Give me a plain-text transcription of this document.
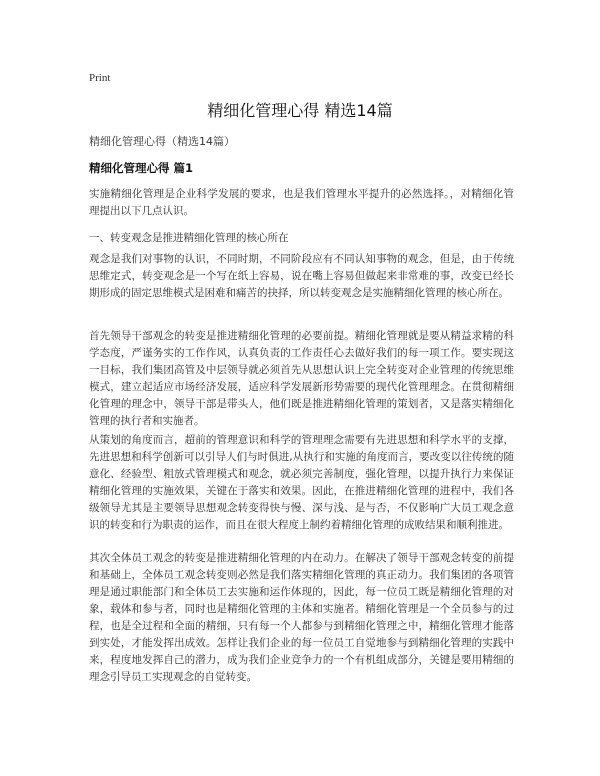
Print
精细化管理心得 精选14篇
精细化管理心得（精选14篇）
精细化管理心得 篇1

实施精细化管理是企业科学发展的要求，也是我们管理水平提升的必然选择。，对精细化管理提出以下几点认识。

一、转变观念是推进精细化管理的核心所在

观念是我们对事物的认识，不同时期，不同阶段应有不同认知事物的观念，但是，由于传统思维定式，转变观念是一个写在纸上容易，说在嘴上容易但做起来非常难的事，改变已经长期形成的固定思维模式是困难和痛苦的抉择，所以转变观念是实施精细化管理的核心所在。

首先领导干部观念的转变是推进精细化管理的必要前提。精细化管理就是要从精益求精的科学态度，严谨务实的工作作风，认真负责的工作责任心去做好我们的每一项工作。要实现这一目标，我们集团高管及中层领导就必须首先从思想认识上完全转变对企业管理的传统思维模式，建立起适应市场经济发展，适应科学发展新形势需要的现代化管理理念。在贯彻精细化管理的理念中，领导干部是带头人，他们既是推进精细化管理的策划者，又是落实精细化管理的执行者和实施者。

从策划的角度而言，超前的管理意识和科学的管理理念需要有先进思想和科学水平的支撑，先进思想和科学创新可以引导人们与时俱进,从执行和实施的角度而言，要改变以往传统的随意化、经验型、粗放式管理模式和观念，就必须完善制度，强化管理，以提升执行力来保证精细化管理的实施效果，关键在于落实和效果。因此，在推进精细化管理的进程中，我们各级领导尤其是主要领导思想观念转变得快与慢、深与浅、是与否，不仅影响广大员工观念意识的转变和行为职责的运作，而且在很大程度上制约着精细化管理的成败结果和顺利推进。

其次全体员工观念的转变是推进精细化管理的内在动力。在解决了领导干部观念转变的前提和基础上，全体员工观念转变则必然是我们落实精细化管理的真正动力。我们集团的各项管理是通过职能部门和全体员工去实施和运作体现的，因此，每一位员工既是精细化管理的对象，载体和参与者，同时也是精细化管理的主体和实施者。精细化管理是一个全员参与的过程，也是全过程和全面的精细，只有每一个人都参与到精细化管理之中，精细化管理才能落到实处，才能发挥出成效。怎样让我们企业的每一位员工自觉地参与到精细化管理的实践中来，程度地发挥自己的潜力，成为我们企业竞争力的一个有机组成部分，关键是要用精细的理念引导员工实现观念的自觉转变。
